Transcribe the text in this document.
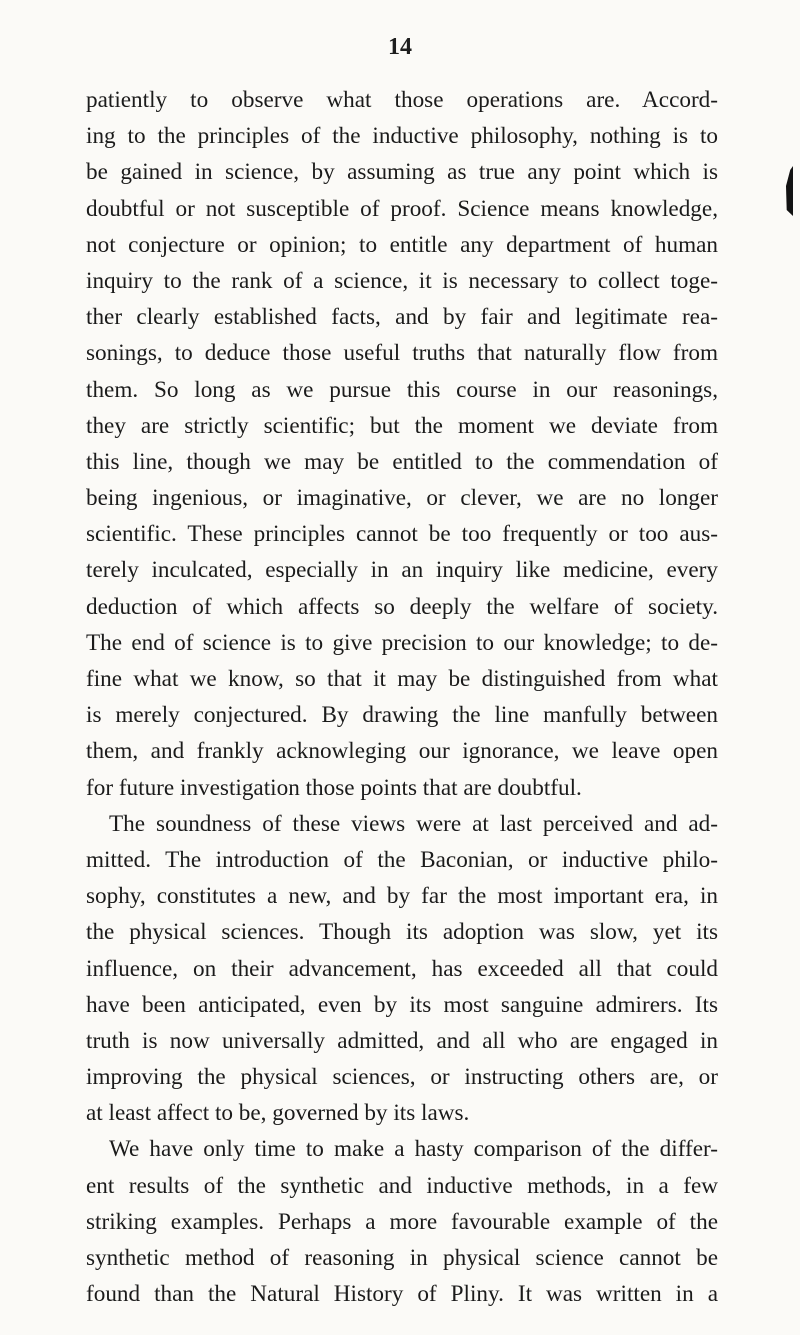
14
patiently to observe what those operations are. Accord-
ing to the principles of the inductive philosophy, nothing is to
be gained in science, by assuming as true any point which is
doubtful or not susceptible of proof. Science means knowledge,
not conjecture or opinion; to entitle any department of human
inquiry to the rank of a science, it is necessary to collect toge-
ther clearly established facts, and by fair and legitimate rea-
sonings, to deduce those useful truths that naturally flow from
them. So long as we pursue this course in our reasonings,
they are strictly scientific; but the moment we deviate from
this line, though we may be entitled to the commendation of
being ingenious, or imaginative, or clever, we are no longer
scientific. These principles cannot be too frequently or too aus-
terely inculcated, especially in an inquiry like medicine, every
deduction of which affects so deeply the welfare of society.
The end of science is to give precision to our knowledge; to de-
fine what we know, so that it may be distinguished from what
is merely conjectured. By drawing the line manfully between
them, and frankly acknowleging our ignorance, we leave open
for future investigation those points that are doubtful.
The soundness of these views were at last perceived and ad-
mitted. The introduction of the Baconian, or inductive philo-
sophy, constitutes a new, and by far the most important era, in
the physical sciences. Though its adoption was slow, yet its
influence, on their advancement, has exceeded all that could
have been anticipated, even by its most sanguine admirers. Its
truth is now universally admitted, and all who are engaged in
improving the physical sciences, or instructing others are, or
at least affect to be, governed by its laws.
We have only time to make a hasty comparison of the differ-
ent results of the synthetic and inductive methods, in a few
striking examples. Perhaps a more favourable example of the
synthetic method of reasoning in physical science cannot be
found than the Natural History of Pliny. It was written in a
